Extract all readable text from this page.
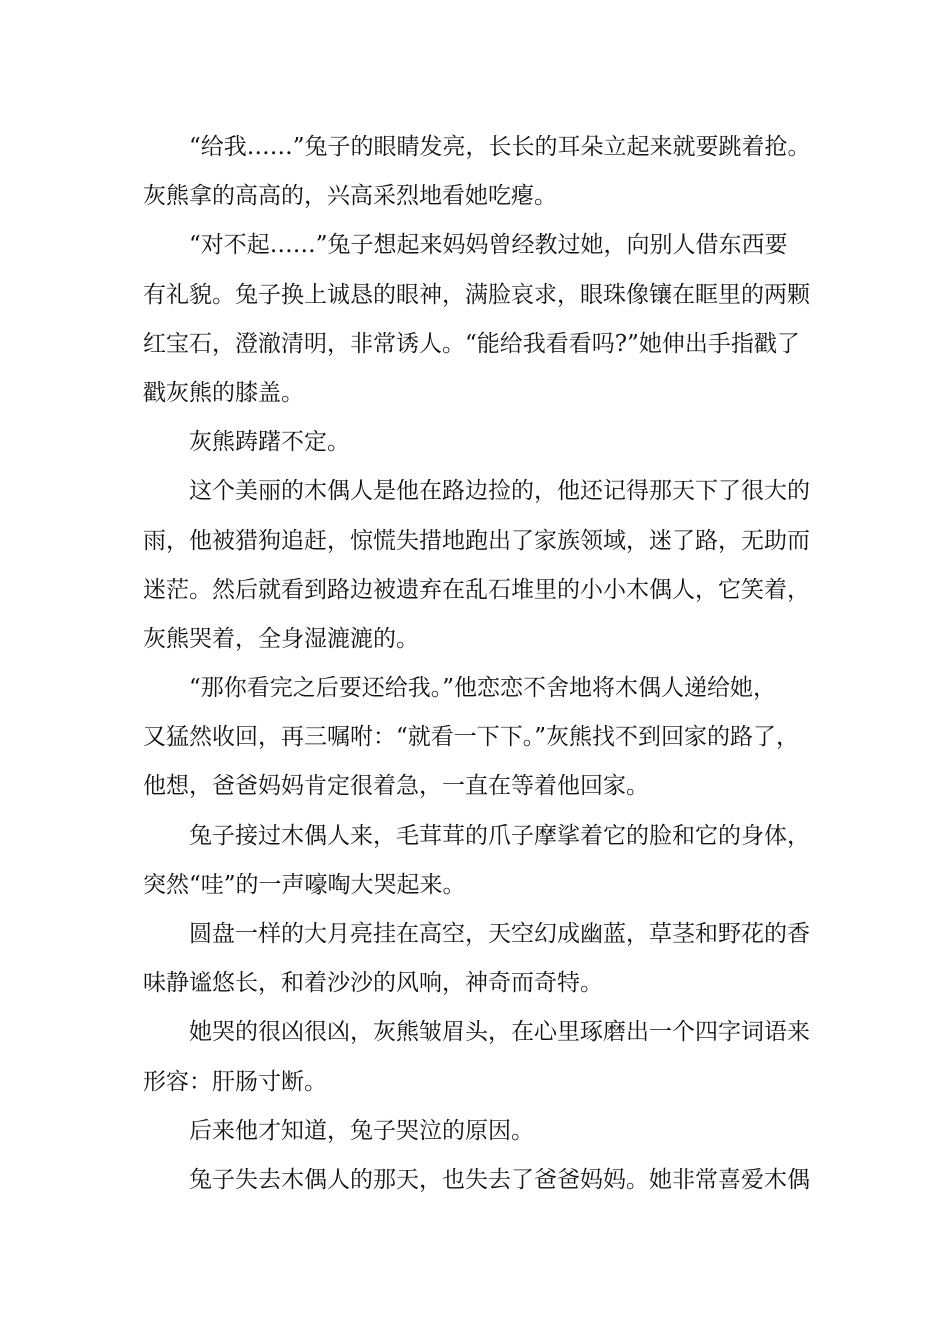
“给我……”兔子的眼睛发亮，长长的耳朵立起来就要跳着抢。
灰熊拿的高高的，兴高采烈地看她吃瘪。
“对不起……”兔子想起来妈妈曾经教过她，向别人借东西要
有礼貌。兔子换上诚恳的眼神，满脸哀求，眼珠像镶在眶里的两颗
红宝石，澄澈清明，非常诱人。“能给我看看吗?”她伸出手指戳了
戳灰熊的膝盖。
灰熊踌躇不定。
这个美丽的木偶人是他在路边捡的，他还记得那天下了很大的
雨，他被猎狗追赶，惊慌失措地跑出了家族领域，迷了路，无助而
迷茫。然后就看到路边被遗弃在乱石堆里的小小木偶人，它笑着，
灰熊哭着，全身湿漉漉的。
“那你看完之后要还给我。”他恋恋不舍地将木偶人递给她，
又猛然收回，再三嘱咐：“就看一下下。”灰熊找不到回家的路了，
他想，爸爸妈妈肯定很着急，一直在等着他回家。
兔子接过木偶人来，毛茸茸的爪子摩挲着它的脸和它的身体，
突然“哇”的一声嚎啕大哭起来。
圆盘一样的大月亮挂在高空，天空幻成幽蓝，草茎和野花的香
味静谧悠长，和着沙沙的风响，神奇而奇特。
她哭的很凶很凶，灰熊皱眉头，在心里琢磨出一个四字词语来
形容：肝肠寸断。
后来他才知道，兔子哭泣的原因。
兔子失去木偶人的那天，也失去了爸爸妈妈。她非常喜爱木偶
